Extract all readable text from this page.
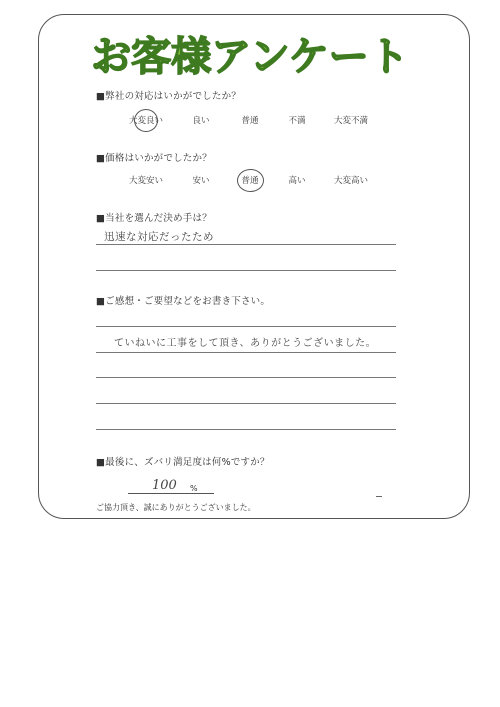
お客様アンケート
■弊社の対応はいかがでしたか？
大変良い	良い	普通	不満	大変不満
■価格はいかがでしたか？
大変安い	安い	普通	高い	大変高い
■当社を選んだ決め手は？
迅速な対応だったため
■ご感想・ご要望などをお書き下さい。
ていねいに工事をして頂き、ありがとうございました。
■最後に、ズバリ満足度は何%ですか？
100 %
ご協力頂き、誠にありがとうございました。
